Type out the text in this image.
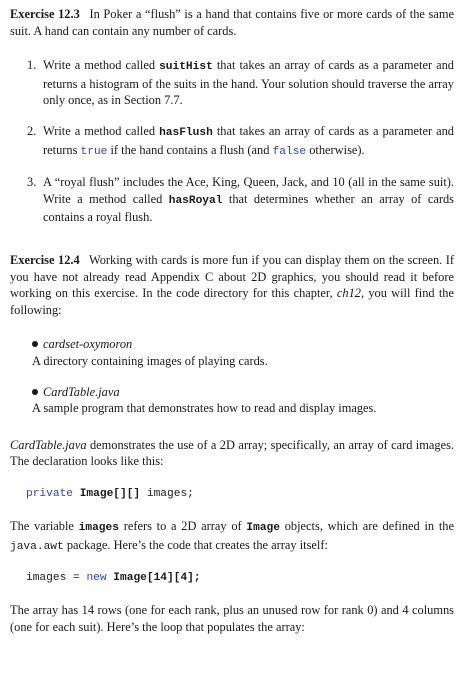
Exercise 12.3 In Poker a “flush” is a hand that contains five or more cards of the same suit. A hand can contain any number of cards.

1. Write a method called suitHist that takes an array of cards as a parameter and returns a histogram of the suits in the hand. Your solution should traverse the array only once, as in Section 7.7.
2. Write a method called hasFlush that takes an array of cards as a parameter and returns true if the hand contains a flush (and false otherwise).
3. A “royal flush” includes the Ace, King, Queen, Jack, and 10 (all in the same suit). Write a method called hasRoyal that determines whether an array of cards contains a royal flush.

Exercise 12.4 Working with cards is more fun if you can display them on the screen. If you have not already read Appendix C about 2D graphics, you should read it before working on this exercise. In the code directory for this chapter, ch12, you will find the following:

cardset-oxymoron
A directory containing images of playing cards.
CardTable.java
A sample program that demonstrates how to read and display images.

CardTable.java demonstrates the use of a 2D array; specifically, an array of card images. The declaration looks like this:

private Image[][] images;

The variable images refers to a 2D array of Image objects, which are defined in the java.awt package. Here’s the code that creates the array itself:

images = new Image[14][4];

The array has 14 rows (one for each rank, plus an unused row for rank 0) and 4 columns (one for each suit). Here’s the loop that populates the array:
